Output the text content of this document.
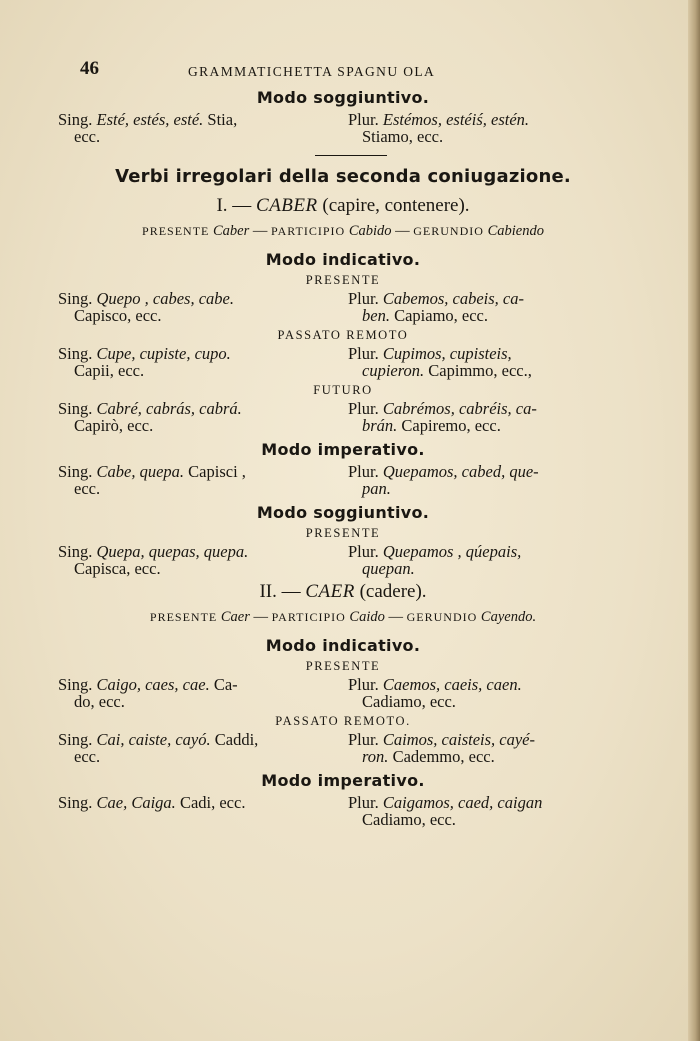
46	GRAMMATICHETTA SPAGNU OLA
Modo soggiuntivo.
Sing. Esté, estés, esté. Stia,
ecc.
Plur. Estémos, estéiś, estén.
Stiamo, ecc.
Verbi irregolari della seconda coniugazione.
I. — CABER (capire, contenere).
PRESENTE Caber — PARTICIPIO Cabido — GERUNDIO Cabiendo
Modo indicativo.
PRESENTE
Sing. Quepo , cabes, cabe.
Capisco, ecc.
Plur. Cabemos, cabeis, ca-
ben. Capiamo, ecc.
PASSATO REMOTO
Sing. Cupe, cupiste, cupo.
Capii, ecc.
Plur. Cupimos, cupisteis,
cupieron. Capimmo, ecc.,
FUTURO
Sing. Cabré, cabrás, cabrá.
Capirò, ecc.
Plur. Cabrémos, cabréis, ca-
brán. Capiremo, ecc.
Modo imperativo.
Sing. Cabe, quepa. Capisci ,
ecc.
Plur. Quepamos, cabed, que-
pan.
Modo soggiuntivo.
PRESENTE
Sing. Quepa, quepas, quepa.
Capisca, ecc.
Plur. Quepamos , qúepais,
quepan.
II. — CAER (cadere).
PRESENTE Caer — PARTICIPIO Caido — GERUNDIO Cayendo.
Modo indicativo.
PRESENTE
Sing. Caigo, caes, cae. Ca-
do, ecc.
Plur. Caemos, caeis, caen.
Cadiamo, ecc.
PASSATO REMOTO.
Sing. Cai, caiste, cayó. Caddi,
ecc.
Plur. Caimos, caisteis, cayé-
ron. Cademmo, ecc.
Modo imperativo.
Sing. Cae, Caiga. Cadi, ecc.	Plur. Caigamos, caed, caigan
Cadiamo, ecc.
